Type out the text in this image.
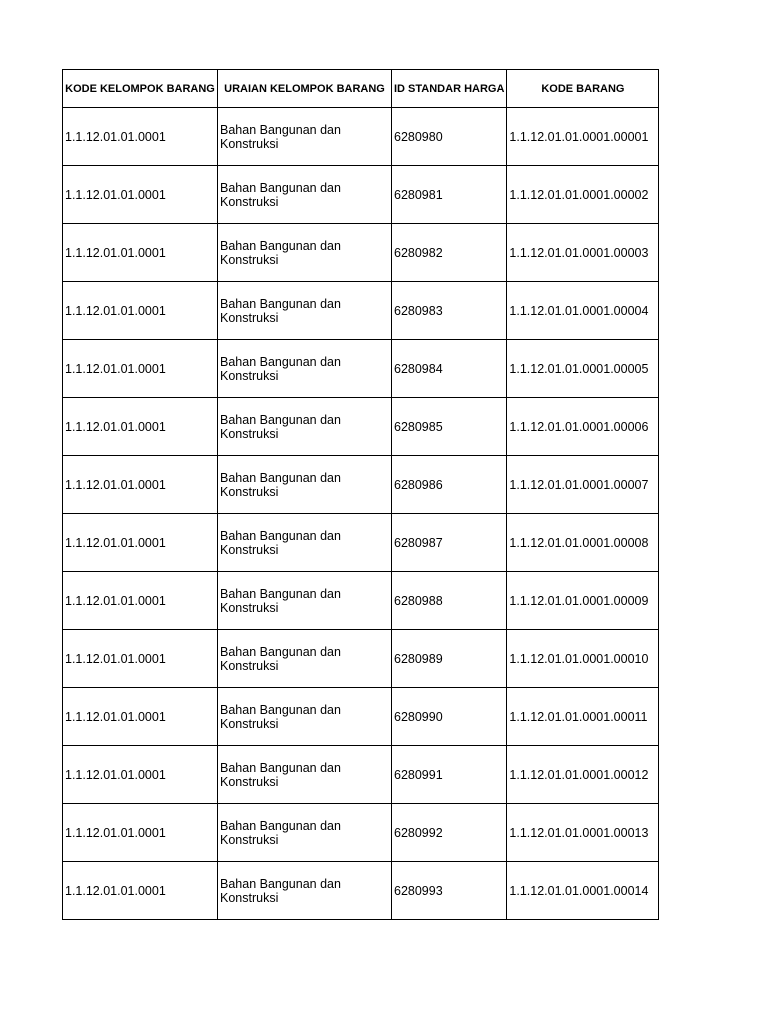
KODE KELOMPOK BARANG	URAIAN KELOMPOK BARANG	ID STANDAR HARGA	KODE BARANG
1.1.12.01.01.0001	Bahan Bangunan dan Konstruksi	6280980	1.1.12.01.01.0001.00001
1.1.12.01.01.0001	Bahan Bangunan dan Konstruksi	6280981	1.1.12.01.01.0001.00002
1.1.12.01.01.0001	Bahan Bangunan dan Konstruksi	6280982	1.1.12.01.01.0001.00003
1.1.12.01.01.0001	Bahan Bangunan dan Konstruksi	6280983	1.1.12.01.01.0001.00004
1.1.12.01.01.0001	Bahan Bangunan dan Konstruksi	6280984	1.1.12.01.01.0001.00005
1.1.12.01.01.0001	Bahan Bangunan dan Konstruksi	6280985	1.1.12.01.01.0001.00006
1.1.12.01.01.0001	Bahan Bangunan dan Konstruksi	6280986	1.1.12.01.01.0001.00007
1.1.12.01.01.0001	Bahan Bangunan dan Konstruksi	6280987	1.1.12.01.01.0001.00008
1.1.12.01.01.0001	Bahan Bangunan dan Konstruksi	6280988	1.1.12.01.01.0001.00009
1.1.12.01.01.0001	Bahan Bangunan dan Konstruksi	6280989	1.1.12.01.01.0001.00010
1.1.12.01.01.0001	Bahan Bangunan dan Konstruksi	6280990	1.1.12.01.01.0001.00011
1.1.12.01.01.0001	Bahan Bangunan dan Konstruksi	6280991	1.1.12.01.01.0001.00012
1.1.12.01.01.0001	Bahan Bangunan dan Konstruksi	6280992	1.1.12.01.01.0001.00013
1.1.12.01.01.0001	Bahan Bangunan dan Konstruksi	6280993	1.1.12.01.01.0001.00014
